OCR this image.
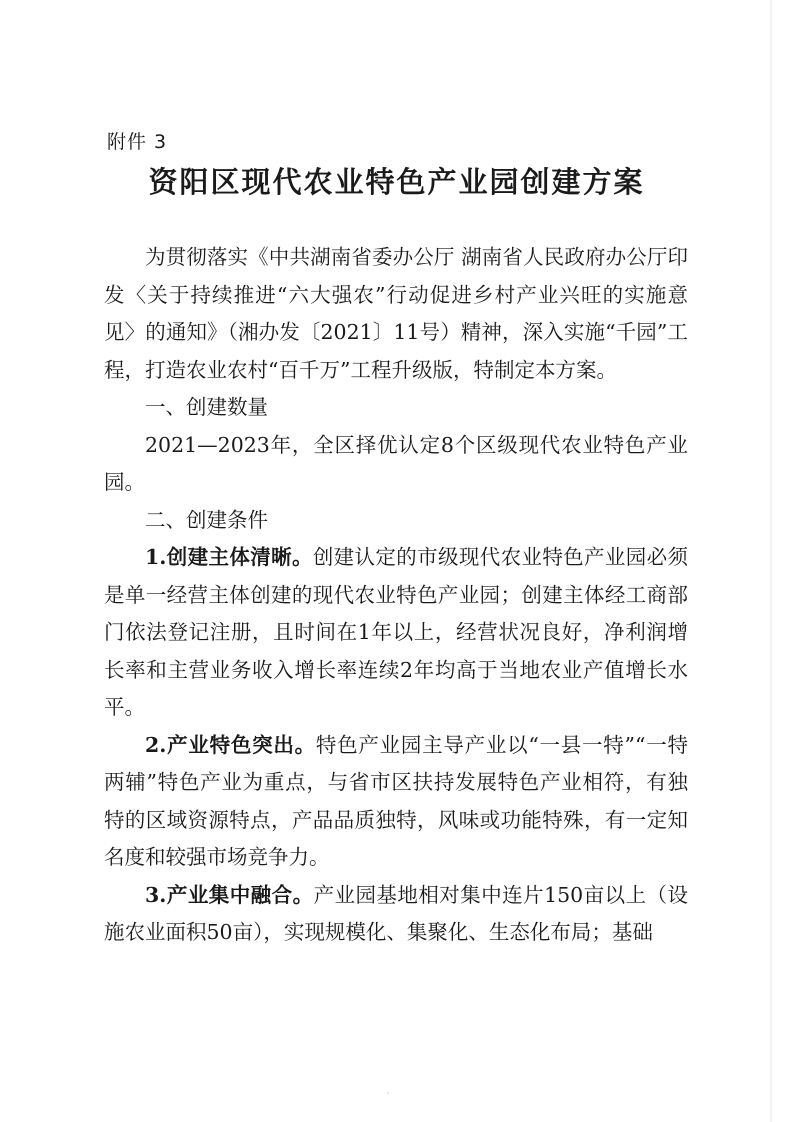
附件 3
资阳区现代农业特色产业园创建方案

为贯彻落实《中共湖南省委办公厅 湖南省人民政府办公厅印发〈关于持续推进“六大强农”行动促进乡村产业兴旺的实施意见〉的通知》（湘办发〔2021〕11号）精神，深入实施“千园”工程，打造农业农村“百千万”工程升级版，特制定本方案。

一、创建数量

2021—2023年，全区择优认定8个区级现代农业特色产业园。

二、创建条件

1.创建主体清晰。创建认定的市级现代农业特色产业园必须是单一经营主体创建的现代农业特色产业园；创建主体经工商部门依法登记注册，且时间在1年以上，经营状况良好，净利润增长率和主营业务收入增长率连续2年均高于当地农业产值增长水平。

2.产业特色突出。特色产业园主导产业以“一县一特”“一特两辅”特色产业为重点，与省市区扶持发展特色产业相符，有独特的区域资源特点，产品品质独特，风味或功能特殊，有一定知名度和较强市场竞争力。

3.产业集中融合。产业园基地相对集中连片150亩以上（设施农业面积50亩），实现规模化、集聚化、生态化布局；基础
